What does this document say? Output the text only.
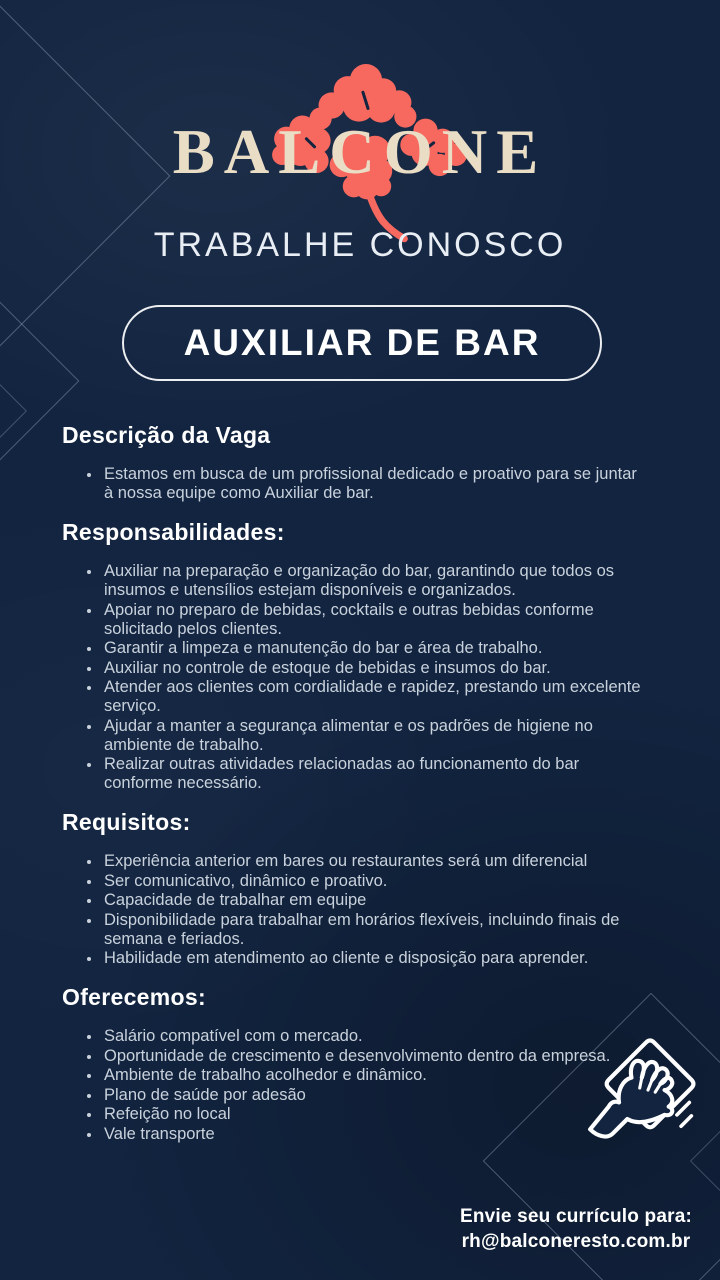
BALCONE
TRABALHE CONOSCO
AUXILIAR DE BAR
Descrição da Vaga
• Estamos em busca de um profissional dedicado e proativo para se juntar à nossa equipe como Auxiliar de bar.
Responsabilidades:
• Auxiliar na preparação e organização do bar, garantindo que todos os insumos e utensílios estejam disponíveis e organizados.
• Apoiar no preparo de bebidas, cocktails e outras bebidas conforme solicitado pelos clientes.
• Garantir a limpeza e manutenção do bar e área de trabalho.
• Auxiliar no controle de estoque de bebidas e insumos do bar.
• Atender aos clientes com cordialidade e rapidez, prestando um excelente serviço.
• Ajudar a manter a segurança alimentar e os padrões de higiene no ambiente de trabalho.
• Realizar outras atividades relacionadas ao funcionamento do bar conforme necessário.
Requisitos:
• Experiência anterior em bares ou restaurantes será um diferencial
• Ser comunicativo, dinâmico e proativo.
• Capacidade de trabalhar em equipe
• Disponibilidade para trabalhar em horários flexíveis, incluindo finais de semana e feriados.
• Habilidade em atendimento ao cliente e disposição para aprender.
Oferecemos:
• Salário compatível com o mercado.
• Oportunidade de crescimento e desenvolvimento dentro da empresa.
• Ambiente de trabalho acolhedor e dinâmico.
• Plano de saúde por adesão
• Refeição no local
• Vale transporte
Envie seu currículo para:
rh@balconeresto.com.br
